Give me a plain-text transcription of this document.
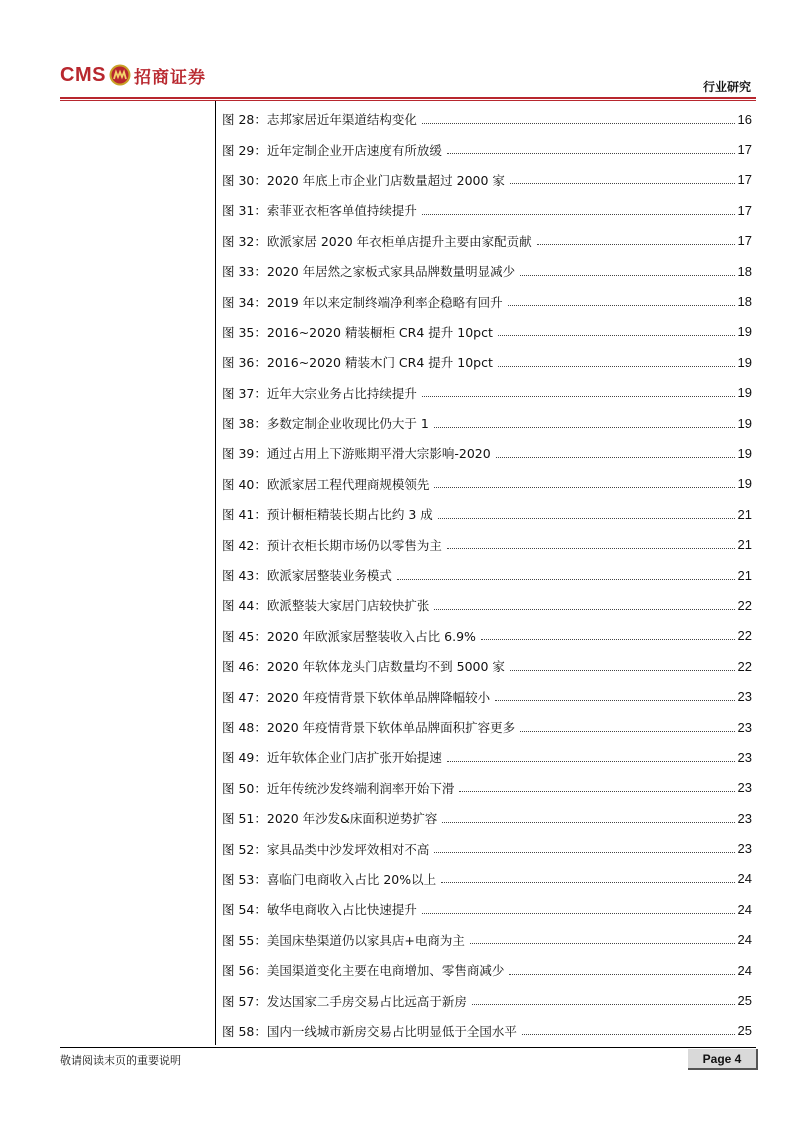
CMS 招商证券	行业研究
图 28：志邦家居近年渠道结构变化	16
图 29：近年定制企业开店速度有所放缓	17
图 30：2020 年底上市企业门店数量超过 2000 家	17
图 31：索菲亚衣柜客单值持续提升	17
图 32：欧派家居 2020 年衣柜单店提升主要由家配贡献	17
图 33：2020 年居然之家板式家具品牌数量明显减少	18
图 34：2019 年以来定制终端净利率企稳略有回升	18
图 35：2016~2020 精装橱柜 CR4 提升 10pct	19
图 36：2016~2020 精装木门 CR4 提升 10pct	19
图 37：近年大宗业务占比持续提升	19
图 38：多数定制企业收现比仍大于 1	19
图 39：通过占用上下游账期平滑大宗影响-2020	19
图 40：欧派家居工程代理商规模领先	19
图 41：预计橱柜精装长期占比约 3 成	21
图 42：预计衣柜长期市场仍以零售为主	21
图 43：欧派家居整装业务模式	21
图 44：欧派整装大家居门店较快扩张	22
图 45：2020 年欧派家居整装收入占比 6.9%	22
图 46：2020 年软体龙头门店数量均不到 5000 家	22
图 47：2020 年疫情背景下软体单品牌降幅较小	23
图 48：2020 年疫情背景下软体单品牌面积扩容更多	23
图 49：近年软体企业门店扩张开始提速	23
图 50：近年传统沙发终端利润率开始下滑	23
图 51：2020 年沙发&床面积逆势扩容	23
图 52：家具品类中沙发坪效相对不高	23
图 53：喜临门电商收入占比 20%以上	24
图 54：敏华电商收入占比快速提升	24
图 55：美国床垫渠道仍以家具店+电商为主	24
图 56：美国渠道变化主要在电商增加、零售商减少	24
图 57：发达国家二手房交易占比远高于新房	25
图 58：国内一线城市新房交易占比明显低于全国水平	25
敬请阅读末页的重要说明	Page 4
